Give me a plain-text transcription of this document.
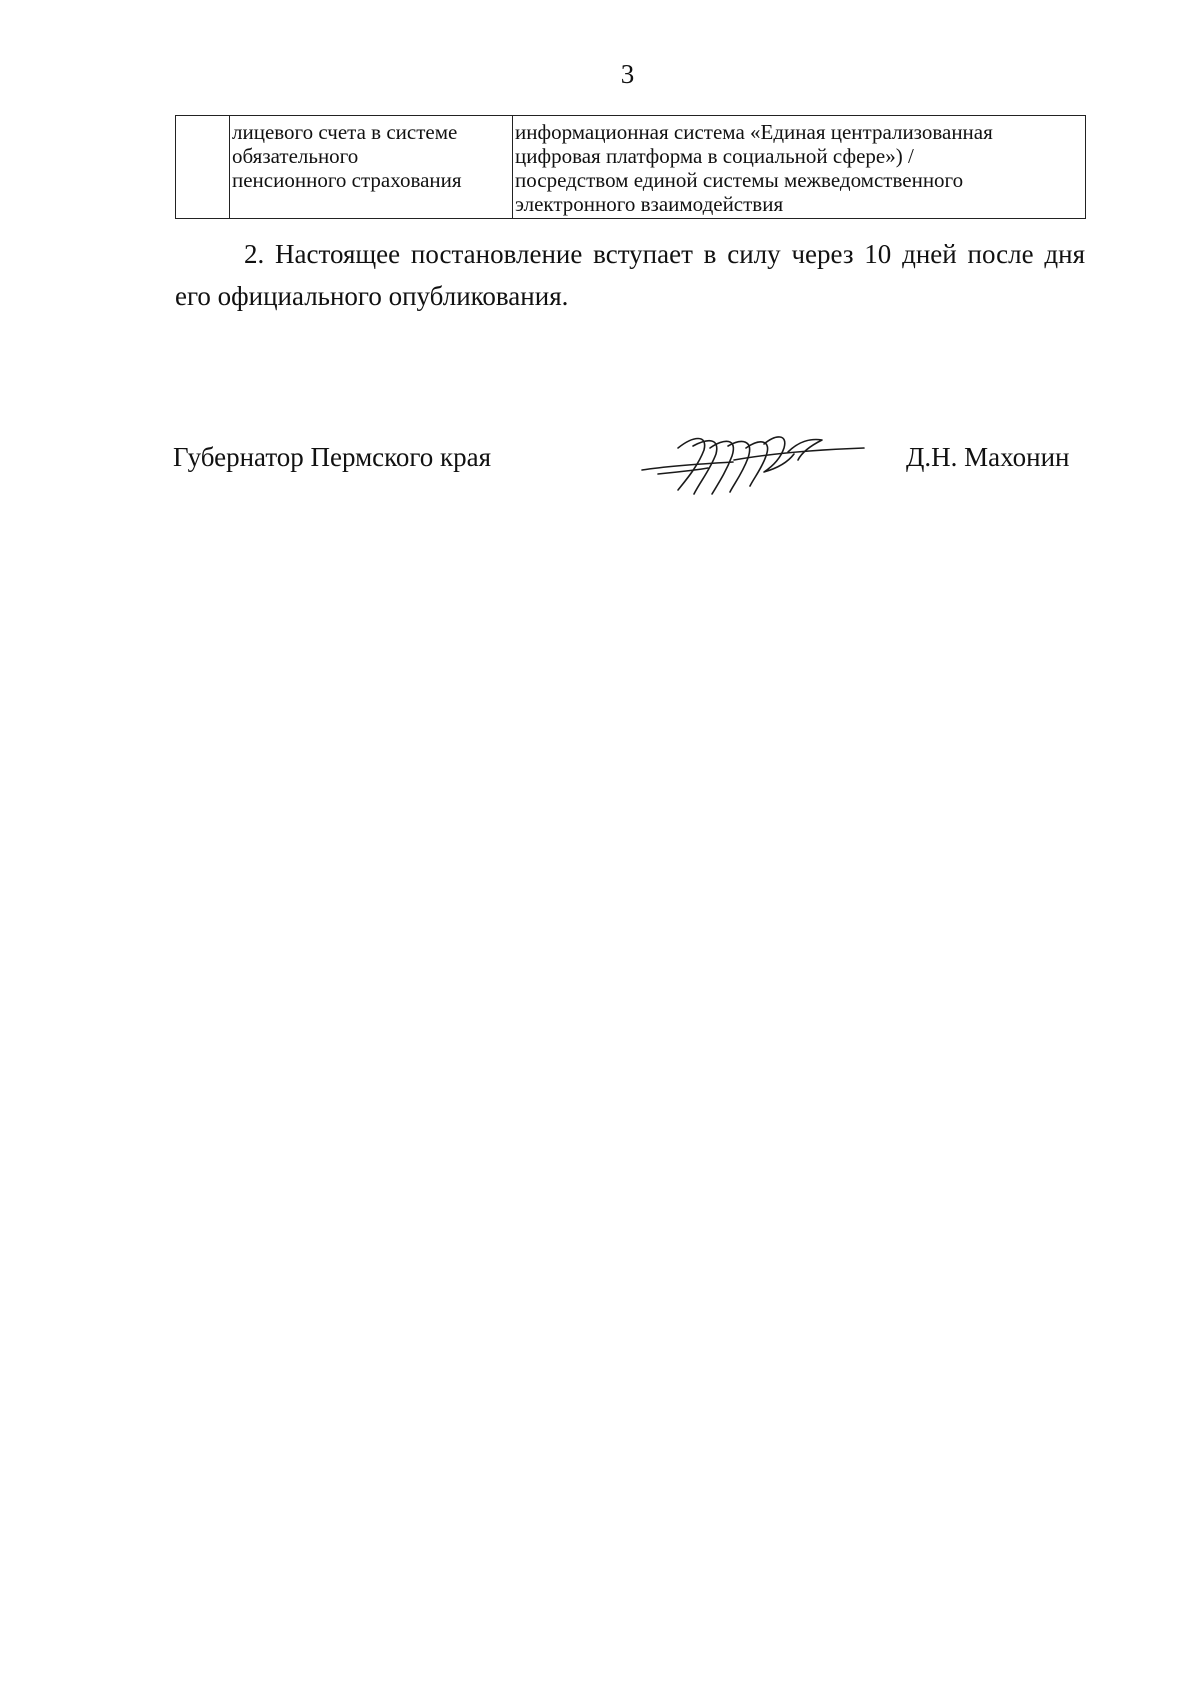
3
	лицевого счета в системе
обязательного
пенсионного страхования	информационная система «Единая централизованная
цифровая платформа в социальной сфере») /
посредством единой системы межведомственного
электронного взаимодействия
2. Настоящее постановление вступает в силу через 10 дней после дня его официального опубликования.
Губернатор Пермского края	Д.Н. Махонин
